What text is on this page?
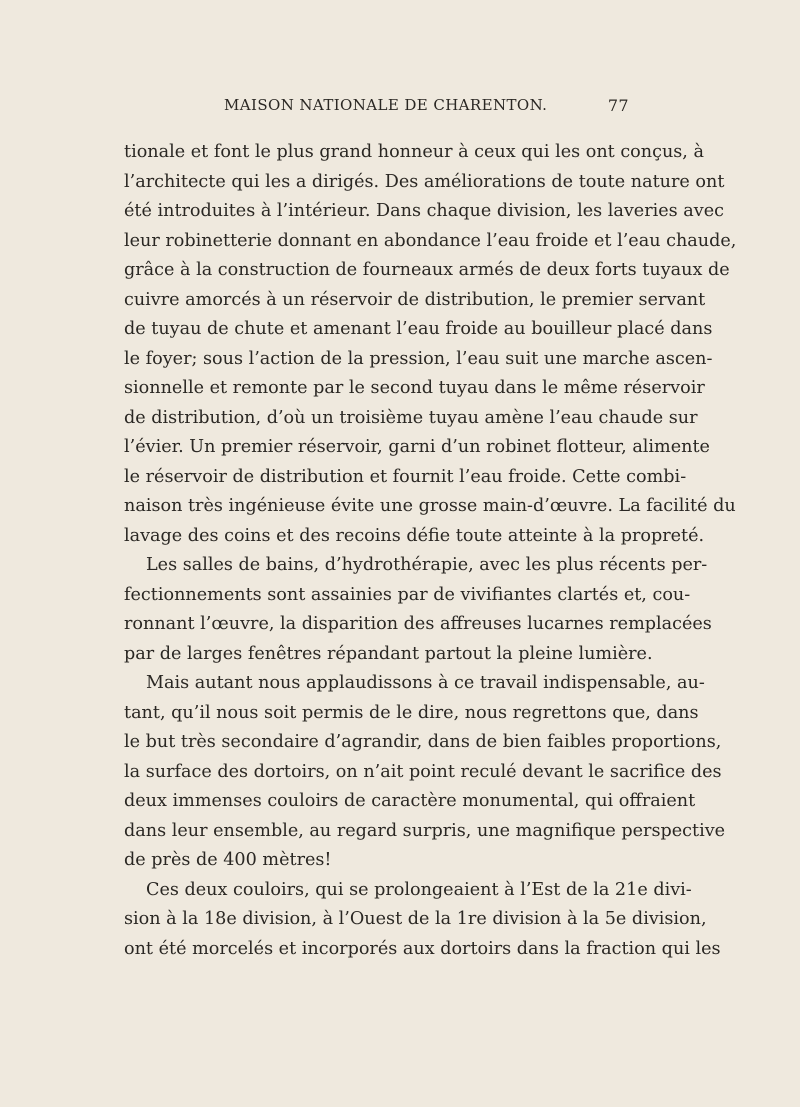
MAISON NATIONALE DE CHARENTON.	77
tionale et font le plus grand honneur à ceux qui les ont conçus, à
l’architecte qui les a dirigés. Des améliorations de toute nature ont
été introduites à l’intérieur. Dans chaque division, les laveries avec
leur robinetterie donnant en abondance l’eau froide et l’eau chaude,
grâce à la construction de fourneaux armés de deux forts tuyaux de
cuivre amorcés à un réservoir de distribution, le premier servant
de tuyau de chute et amenant l’eau froide au bouilleur placé dans
le foyer; sous l’action de la pression, l’eau suit une marche ascen-
sionnelle et remonte par le second tuyau dans le même réservoir
de distribution, d’où un troisième tuyau amène l’eau chaude sur
l’évier. Un premier réservoir, garni d’un robinet flotteur, alimente
le réservoir de distribution et fournit l’eau froide. Cette combi-
naison très ingénieuse évite une grosse main-d’œuvre. La facilité du
lavage des coins et des recoins défie toute atteinte à la propreté.
Les salles de bains, d’hydrothérapie, avec les plus récents per-
fectionnements sont assainies par de vivifiantes clartés et, cou-
ronnant l’œuvre, la disparition des affreuses lucarnes remplacées
par de larges fenêtres répandant partout la pleine lumière.
Mais autant nous applaudissons à ce travail indispensable, au-
tant, qu’il nous soit permis de le dire, nous regrettons que, dans
le but très secondaire d’agrandir, dans de bien faibles proportions,
la surface des dortoirs, on n’ait point reculé devant le sacrifice des
deux immenses couloirs de caractère monumental, qui offraient
dans leur ensemble, au regard surpris, une magnifique perspective
de près de 400 mètres!
Ces deux couloirs, qui se prolongeaient à l’Est de la 21e divi-
sion à la 18e division, à l’Ouest de la 1re division à la 5e division,
ont été morcelés et incorporés aux dortoirs dans la fraction qui les
